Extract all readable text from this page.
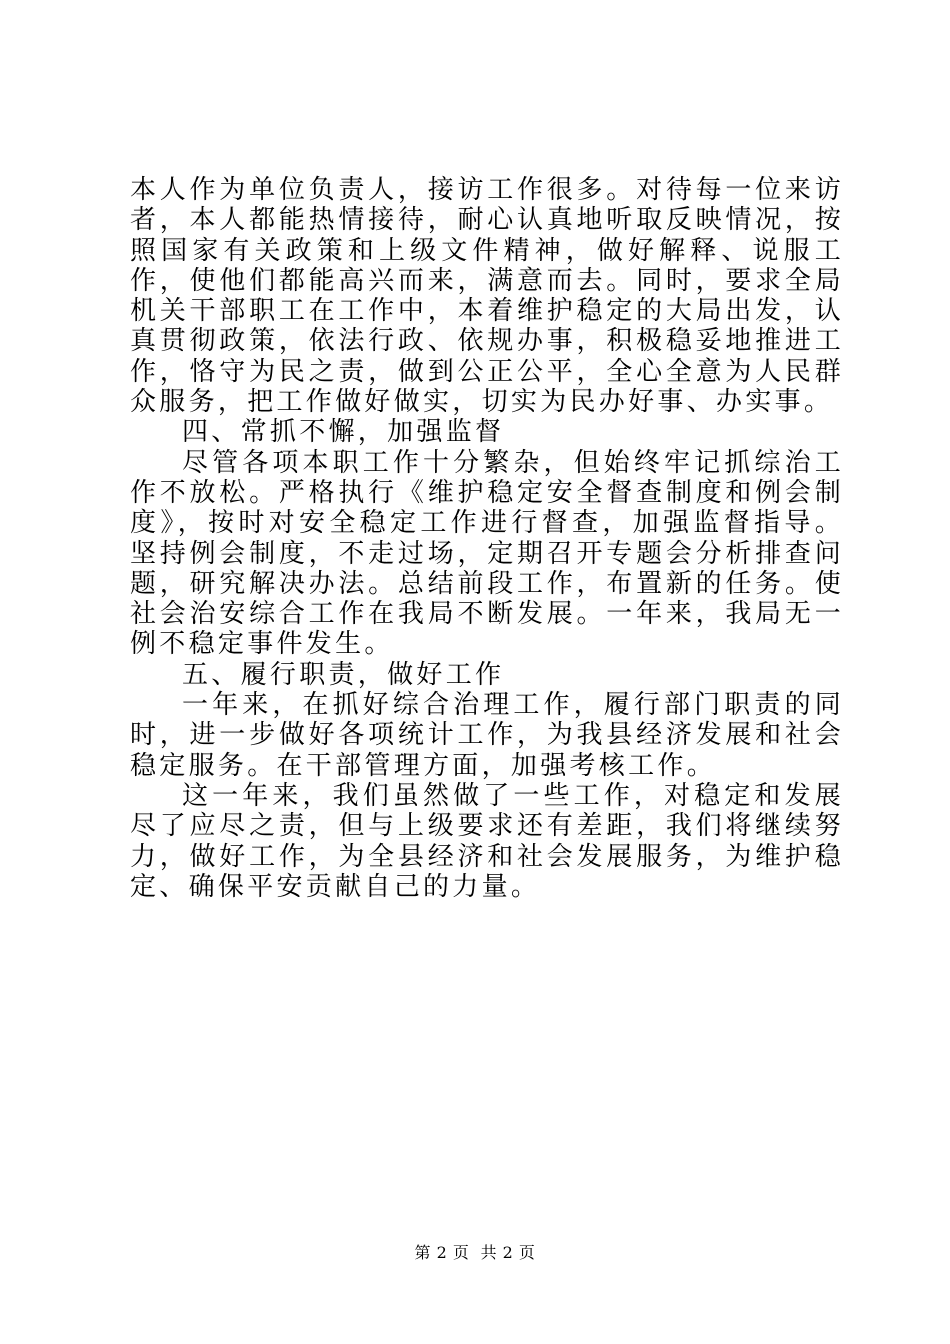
本人作为单位负责人，接访工作很多。对待每一位来访者，本人都能热情接待，耐心认真地听取反映情况，按照国家有关政策和上级文件精神，做好解释、说服工作，使他们都能高兴而来，满意而去。同时，要求全局机关干部职工在工作中，本着维护稳定的大局出发，认真贯彻政策，依法行政、依规办事，积极稳妥地推进工作，恪守为民之责，做到公正公平，全心全意为人民群众服务，把工作做好做实，切实为民办好事、办实事。

四、常抓不懈，加强监督

尽管各项本职工作十分繁杂，但始终牢记抓综治工作不放松。严格执行《维护稳定安全督查制度和例会制度》，按时对安全稳定工作进行督查，加强监督指导。坚持例会制度，不走过场，定期召开专题会分析排查问题，研究解决办法。总结前段工作，布置新的任务。使社会治安综合工作在我局不断发展。一年来，我局无一例不稳定事件发生。

五、履行职责，做好工作

一年来，在抓好综合治理工作，履行部门职责的同时，进一步做好各项统计工作，为我县经济发展和社会稳定服务。在干部管理方面，加强考核工作。

这一年来，我们虽然做了一些工作，对稳定和发展尽了应尽之责，但与上级要求还有差距，我们将继续努力，做好工作，为全县经济和社会发展服务，为维护稳定、确保平安贡献自己的力量。

第 2 页  共 2 页
